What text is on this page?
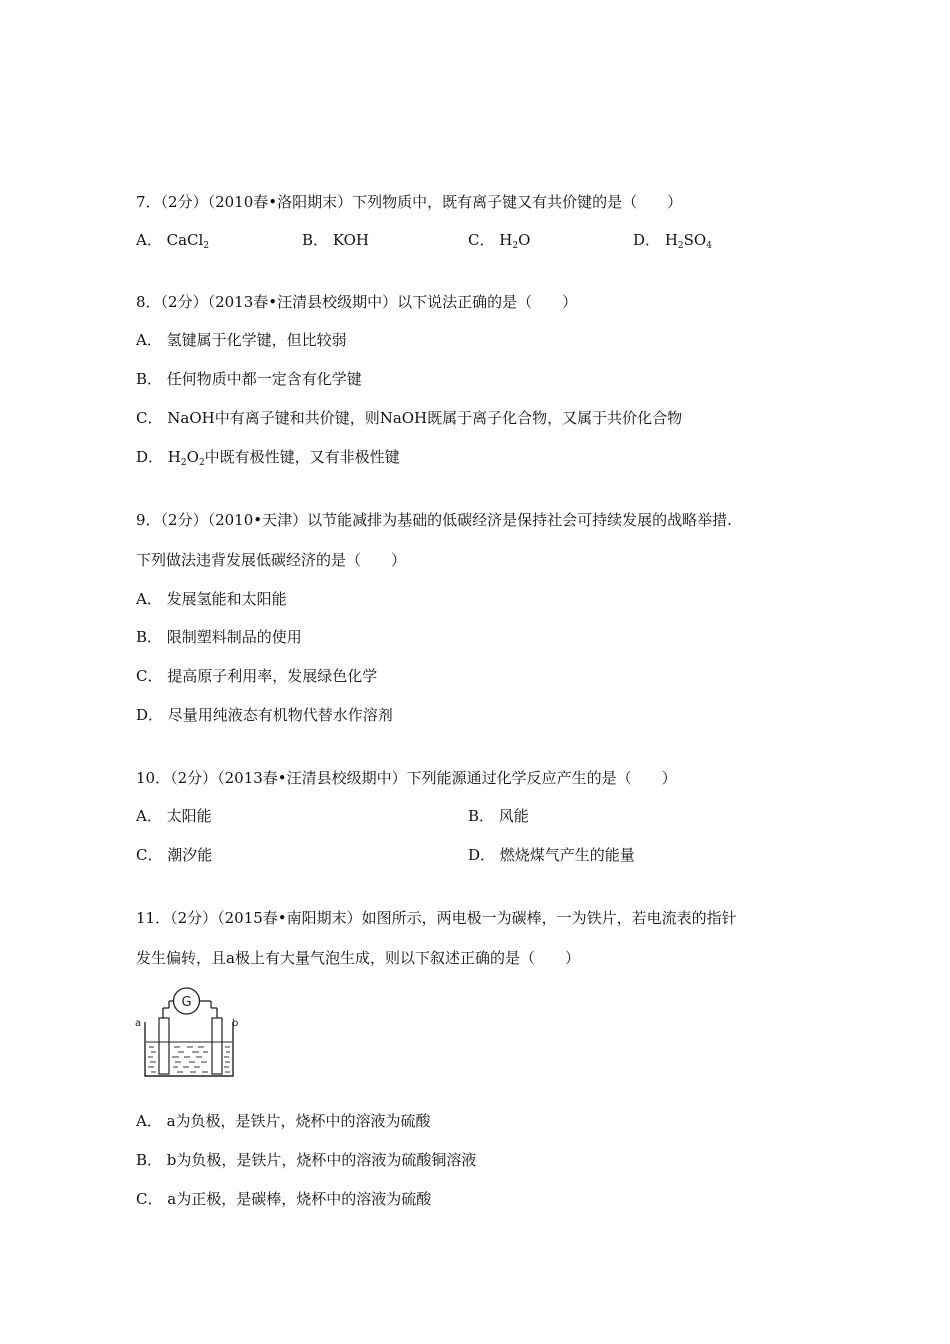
7．（2分）（2010春•洛阳期末）下列物质中，既有离子键又有共价键的是（　　）
A． CaCl$_2$	B． KOH	C． $H_2O$	D． $H_2SO_4$
8．（2分）（2013春•汪清县校级期中）以下说法正确的是（　　）
A． 氢键属于化学键，但比较弱
B． 任何物质中都一定含有化学键
C． NaOH中有离子键和共价键，则NaOH既属于离子化合物，又属于共价化合物
D． $H_2O_2$中既有极性键，又有非极性键
9．（2分）（2010•天津）以节能减排为基础的低碳经济是保持社会可持续发展的战略举措.
下列做法违背发展低碳经济的是（　　）
A． 发展氢能和太阳能
B． 限制塑料制品的使用
C． 提高原子利用率，发展绿色化学
D． 尽量用纯液态有机物代替水作溶剂
10．（2分）（2013春•汪清县校级期中）下列能源通过化学反应产生的是（　　）
A． 太阳能	B． 风能
C． 潮汐能	D． 燃烧煤气产生的能量
11．（2分）（2015春•南阳期末）如图所示，两电极一为碳棒，一为铁片，若电流表的指针
发生偏转，且a极上有大量气泡生成，则以下叙述正确的是（　　）
G
a	b
A． a为负极，是铁片，烧杯中的溶液为硫酸
B． b为负极，是铁片，烧杯中的溶液为硫酸铜溶液
C． a为正极，是碳棒，烧杯中的溶液为硫酸
